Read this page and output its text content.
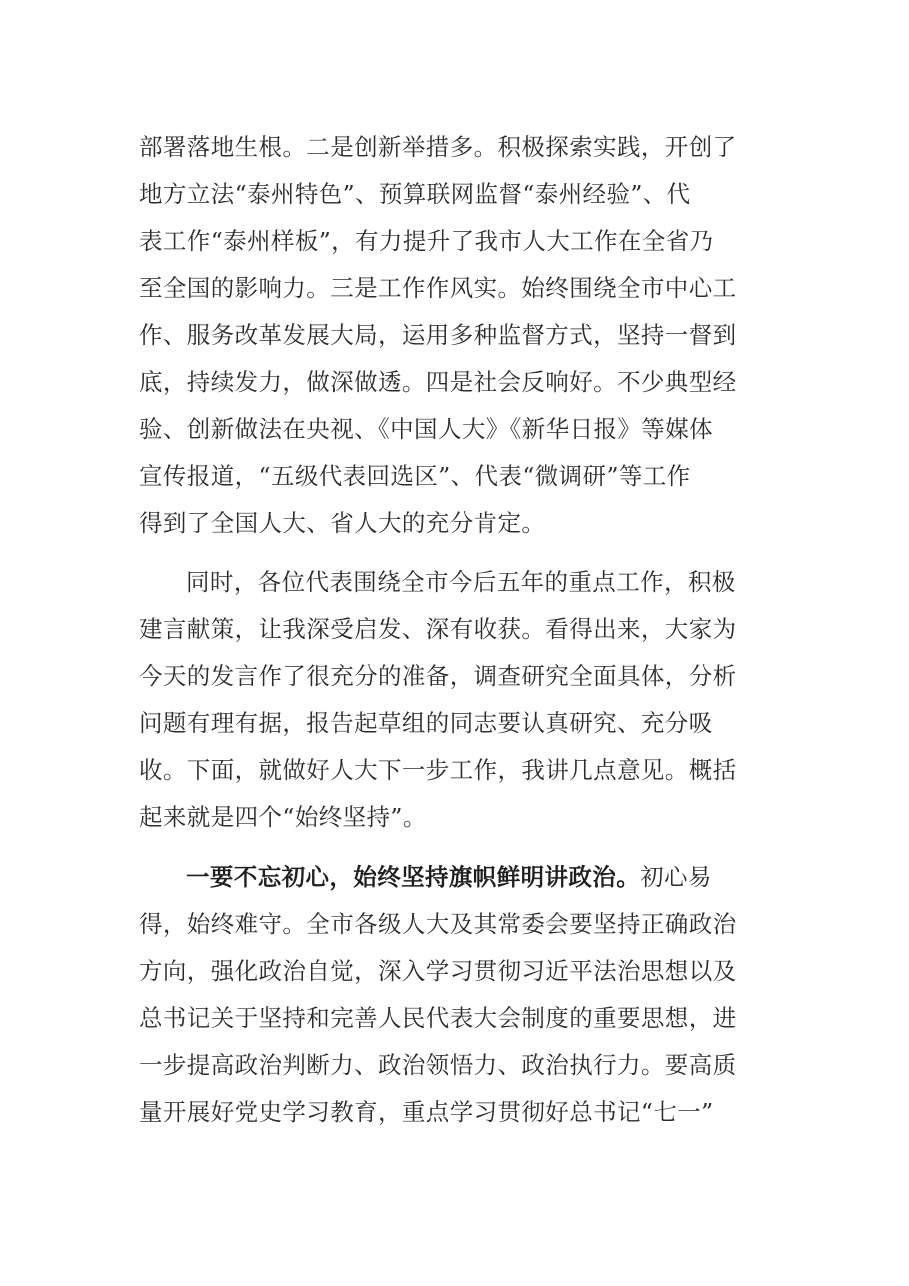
部署落地生根。二是创新举措多。积极探索实践，开创了
地方立法“泰州特色”、预算联网监督“泰州经验”、代
表工作“泰州样板”，有力提升了我市人大工作在全省乃
至全国的影响力。三是工作作风实。始终围绕全市中心工
作、服务改革发展大局，运用多种监督方式，坚持一督到
底，持续发力，做深做透。四是社会反响好。不少典型经
验、创新做法在央视、《中国人大》《新华日报》等媒体
宣传报道，“五级代表回选区”、代表“微调研”等工作
得到了全国人大、省人大的充分肯定。
同时，各位代表围绕全市今后五年的重点工作，积极
建言献策，让我深受启发、深有收获。看得出来，大家为
今天的发言作了很充分的准备，调查研究全面具体，分析
问题有理有据，报告起草组的同志要认真研究、充分吸
收。下面，就做好人大下一步工作，我讲几点意见。概括
起来就是四个“始终坚持”。
一要不忘初心，始终坚持旗帜鲜明讲政治。初心易
得，始终难守。全市各级人大及其常委会要坚持正确政治
方向，强化政治自觉，深入学习贯彻习近平法治思想以及
总书记关于坚持和完善人民代表大会制度的重要思想，进
一步提高政治判断力、政治领悟力、政治执行力。要高质
量开展好党史学习教育，重点学习贯彻好总书记“七一”
